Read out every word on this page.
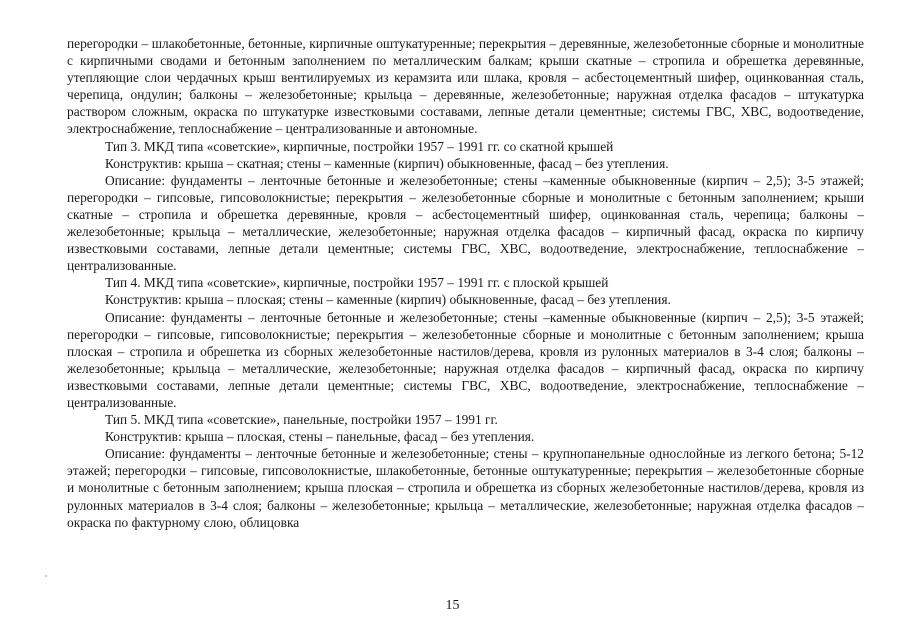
перегородки – шлакобетонные, бетонные, кирпичные оштукатуренные; перекрытия – деревянные, железобетонные сборные и монолитные с кирпичными сводами и бетонным заполнением по металлическим балкам; крыши скатные – стропила и обрешетка деревянные, утепляющие слои чердачных крыш вентилируемых из керамзита или шлака, кровля – асбестоцементный шифер, оцинкованная сталь, черепица, ондулин; балконы – железобетонные; крыльца – деревянные, железобетонные; наружная отделка фасадов – штукатурка раствором сложным, окраска по штукатурке известковыми составами, лепные детали цементные; системы ГВС, ХВС, водоотведение, электроснабжение, теплоснабжение – централизованные и автономные.

Тип 3. МКД типа «советские», кирпичные, постройки 1957 – 1991 гг. со скатной крышей

Конструктив: крыша – скатная; стены – каменные (кирпич) обыкновенные, фасад – без утепления.

Описание: фундаменты – ленточные бетонные и железобетонные; стены –каменные обыкновенные (кирпич – 2,5); 3-5 этажей; перегородки – гипсовые, гипсоволокнистые; перекрытия – железобетонные сборные и монолитные с бетонным заполнением; крыши скатные – стропила и обрешетка деревянные, кровля – асбестоцементный шифер, оцинкованная сталь, черепица; балконы – железобетонные; крыльца – металлические, железобетонные; наружная отделка фасадов – кирпичный фасад, окраска по кирпичу известковыми составами, лепные детали цементные; системы ГВС, ХВС, водоотведение, электроснабжение, теплоснабжение – централизованные.

Тип 4. МКД типа «советские», кирпичные, постройки 1957 – 1991 гг. с плоской крышей

Конструктив: крыша – плоская; стены – каменные (кирпич) обыкновенные, фасад – без утепления.

Описание: фундаменты – ленточные бетонные и железобетонные; стены –каменные обыкновенные (кирпич – 2,5); 3-5 этажей; перегородки – гипсовые, гипсоволокнистые; перекрытия – железобетонные сборные и монолитные с бетонным заполнением; крыша плоская – стропила и обрешетка из сборных железобетонные настилов/дерева, кровля из рулонных материалов в 3-4 слоя; балконы – железобетонные; крыльца – металлические, железобетонные; наружная отделка фасадов – кирпичный фасад, окраска по кирпичу известковыми составами, лепные детали цементные; системы ГВС, ХВС, водоотведение, электроснабжение, теплоснабжение – централизованные.

Тип 5. МКД типа «советские», панельные, постройки 1957 – 1991 гг.

Конструктив: крыша – плоская, стены – панельные, фасад – без утепления.

Описание: фундаменты – ленточные бетонные и железобетонные; стены – крупнопанельные однослойные из легкого бетона; 5-12 этажей; перегородки – гипсовые, гипсоволокнистые, шлакобетонные, бетонные оштукатуренные; перекрытия – железобетонные сборные и монолитные с бетонным заполнением; крыша плоская – стропила и обрешетка из сборных железобетонные настилов/дерева, кровля из рулонных материалов в 3-4 слоя; балконы – железобетонные; крыльца – металлические, железобетонные; наружная отделка фасадов – окраска по фактурному слою, облицовка

15
